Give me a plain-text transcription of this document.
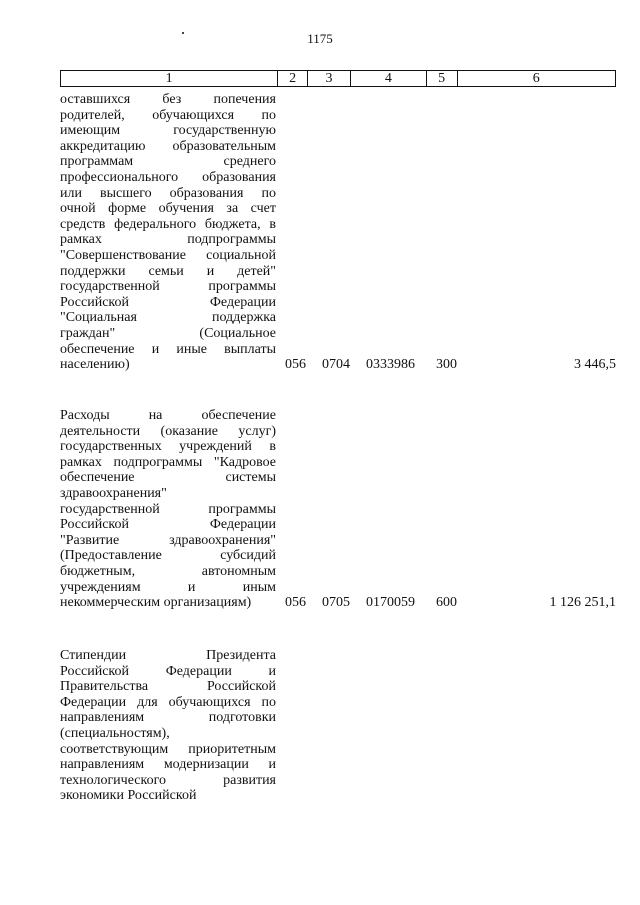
1175
1	2	3	4	5	6
оставшихся без попечения
родителей, обучающихся по
имеющим государственную
аккредитацию образовательным
программам среднего
профессионального образования
или высшего образования по
очной форме обучения за счет
средств федерального бюджета, в
рамках подпрограммы
"Совершенствование социальной
поддержки семьи и детей"
государственной программы
Российской Федерации
"Социальная поддержка
граждан" (Социальное
обеспечение и иные выплаты
населению)	056 0704 0333986 300	3 446,5
Расходы на обеспечение
деятельности (оказание услуг)
государственных учреждений в
рамках подпрограммы "Кадровое
обеспечение системы
здравоохранения"
государственной программы
Российской Федерации
"Развитие здравоохранения"
(Предоставление субсидий
бюджетным, автономным
учреждениям и иным
некоммерческим организациям)	056 0705 0170059 600	1 126 251,1
Стипендии Президента
Российской Федерации и
Правительства Российской
Федерации для обучающихся по
направлениям подготовки
(специальностям),
соответствующим приоритетным
направлениям модернизации и
технологического развития
экономики Российской
